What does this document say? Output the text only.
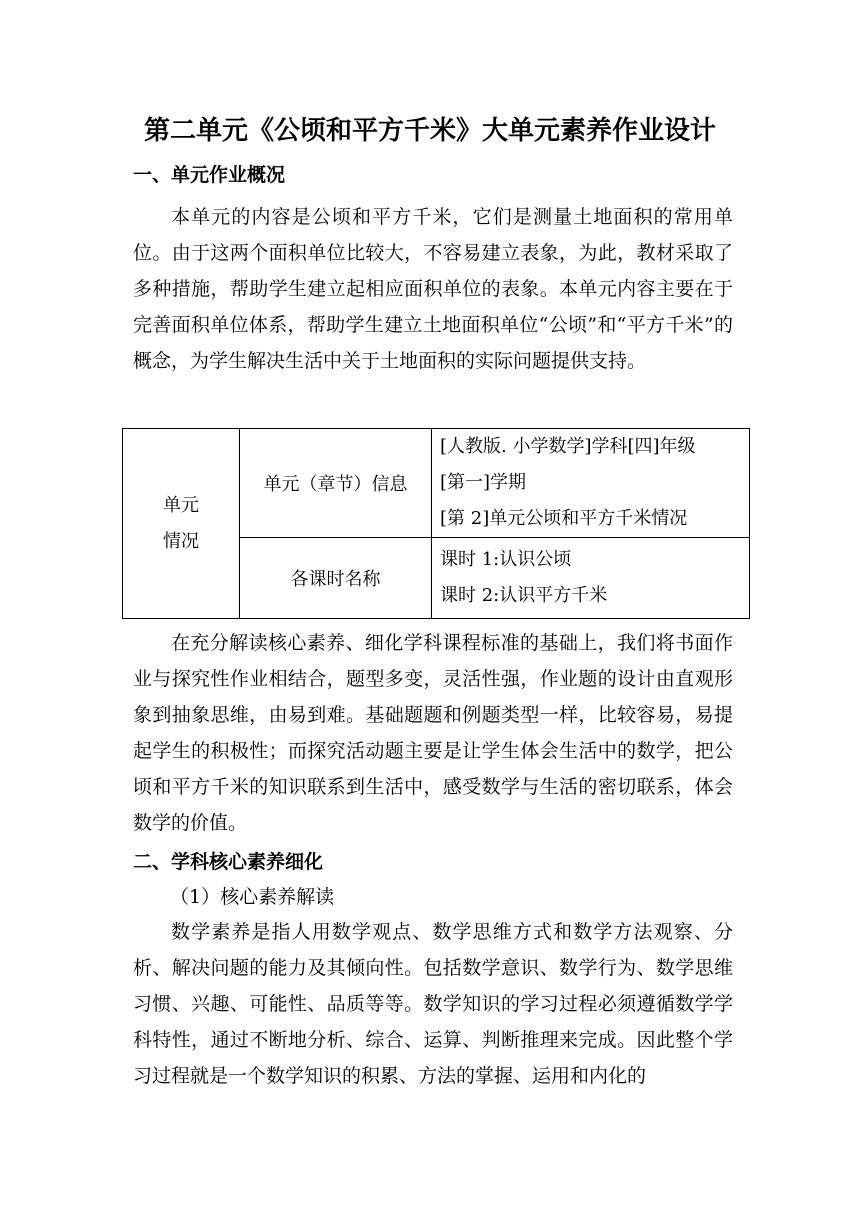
第二单元《公顷和平方千米》大单元素养作业设计
一、单元作业概况

本单元的内容是公顷和平方千米，它们是测量土地面积的常用单位。由于这两个面积单位比较大，不容易建立表象，为此，教材采取了多种措施，帮助学生建立起相应面积单位的表象。本单元内容主要在于完善面积单位体系，帮助学生建立土地面积单位“公顷”和“平方千米”的概念，为学生解决生活中关于土地面积的实际问题提供支持。

单元
情况	单元（章节）信息	[人教版. 小学数学]学科[四]年级
[第一]学期
[第 2]单元公顷和平方千米情况

	各课时名称	课时 1:认识公顷
课时 2:认识平方千米

在充分解读核心素养、细化学科课程标准的基础上，我们将书面作业与探究性作业相结合，题型多变，灵活性强，作业题的设计由直观形象到抽象思维，由易到难。基础题题和例题类型一样，比较容易，易提起学生的积极性；而探究活动题主要是让学生体会生活中的数学，把公顷和平方千米的知识联系到生活中，感受数学与生活的密切联系，体会数学的价值。

二、学科核心素养细化

（1）核心素养解读

数学素养是指人用数学观点、数学思维方式和数学方法观察、分析、解决问题的能力及其倾向性。包括数学意识、数学行为、数学思维习惯、兴趣、可能性、品质等等。数学知识的学习过程必须遵循数学学科特性，通过不断地分析、综合、运算、判断推理来完成。因此整个学习过程就是一个数学知识的积累、方法的掌握、运用和内化的
